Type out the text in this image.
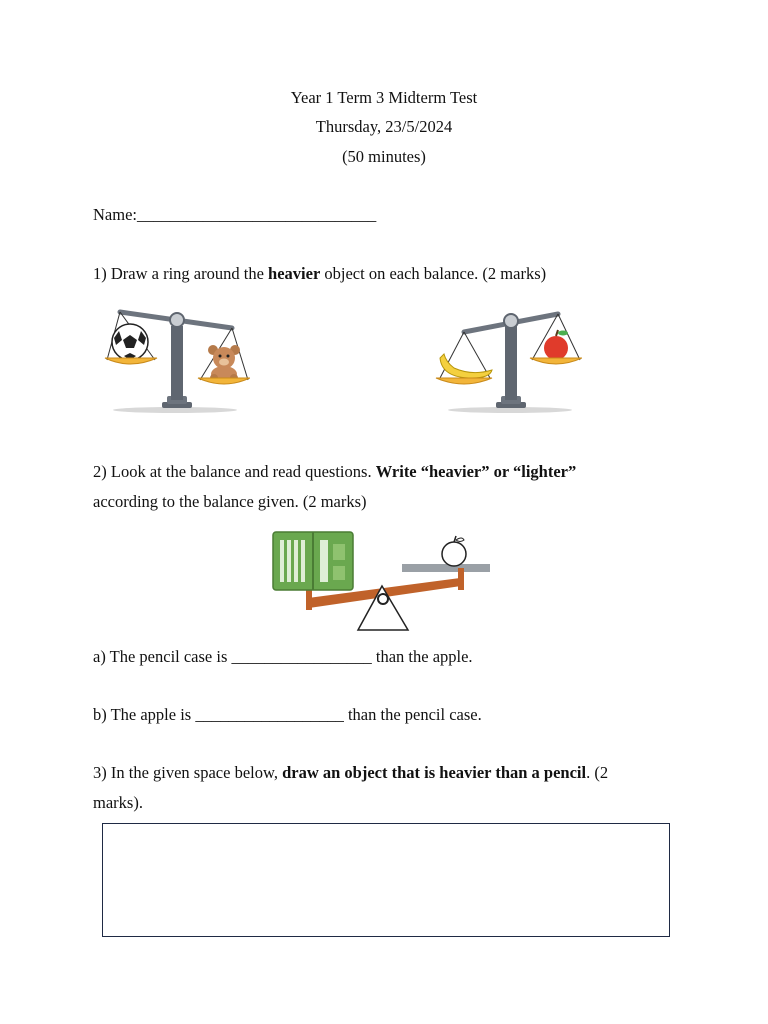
Year 1 Term 3 Midterm Test
Thursday, 23/5/2024
(50 minutes)
Name:_____________________________
1) Draw a ring around the heavier object on each balance. (2 marks)
2) Look at the balance and read questions. Write “heavier” or “lighter”
according to the balance given. (2 marks)
a) The pencil case is _________________ than the apple.
b) The apple is __________________ than the pencil case.
3) In the given space below, draw an object that is heavier than a pencil. (2
marks).
